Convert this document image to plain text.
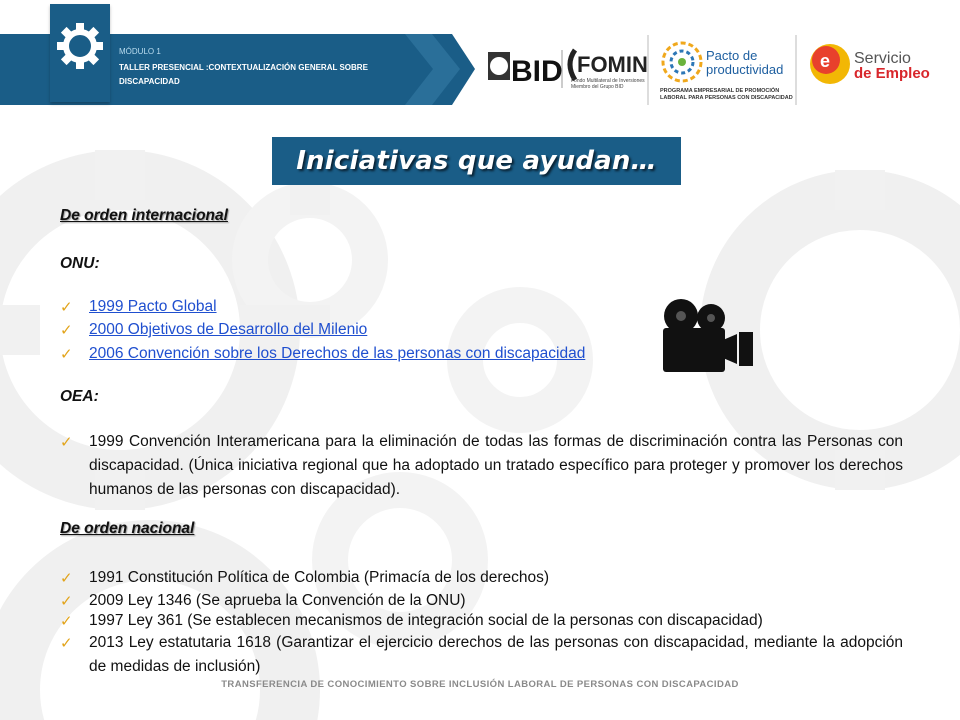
MÓDULO 1
TALLER PRESENCIAL :CONTEXTUALIZACIÓN GENERAL SOBRE DISCAPACIDAD	BID FOMIN
Fondo Multilateral de Inversiones
Miembro del Grupo BID
Pacto de
productividad
PROGRAMA EMPRESARIAL DE PROMOCIÓN
LABORAL PARA PERSONAS CON DISCAPACIDAD
e Servicio
de Empleo
Iniciativas que ayudan…
De orden internacional
ONU:
✓	1999 Pacto Global
✓	2000 Objetivos de Desarrollo del Milenio
✓	2006 Convención sobre los Derechos de las personas con discapacidad
OEA:
✓	1999 Convención Interamericana para la eliminación de todas las formas de discriminación contra las Personas con discapacidad. (Única iniciativa regional que ha adoptado un tratado específico para proteger y promover los derechos humanos de las personas con discapacidad).
De orden nacional
✓	1991 Constitución Política de Colombia (Primacía de los derechos)
✓	2009 Ley 1346 (Se aprueba la Convención de la ONU)
✓	1997 Ley 361 (Se establecen mecanismos de integración social de la personas con discapacidad)
✓	2013 Ley estatutaria 1618 (Garantizar el ejercicio derechos de las personas con discapacidad, mediante la adopción de medidas de inclusión)
TRANSFERENCIA DE CONOCIMIENTO SOBRE INCLUSIÓN LABORAL DE PERSONAS CON DISCAPACIDAD
